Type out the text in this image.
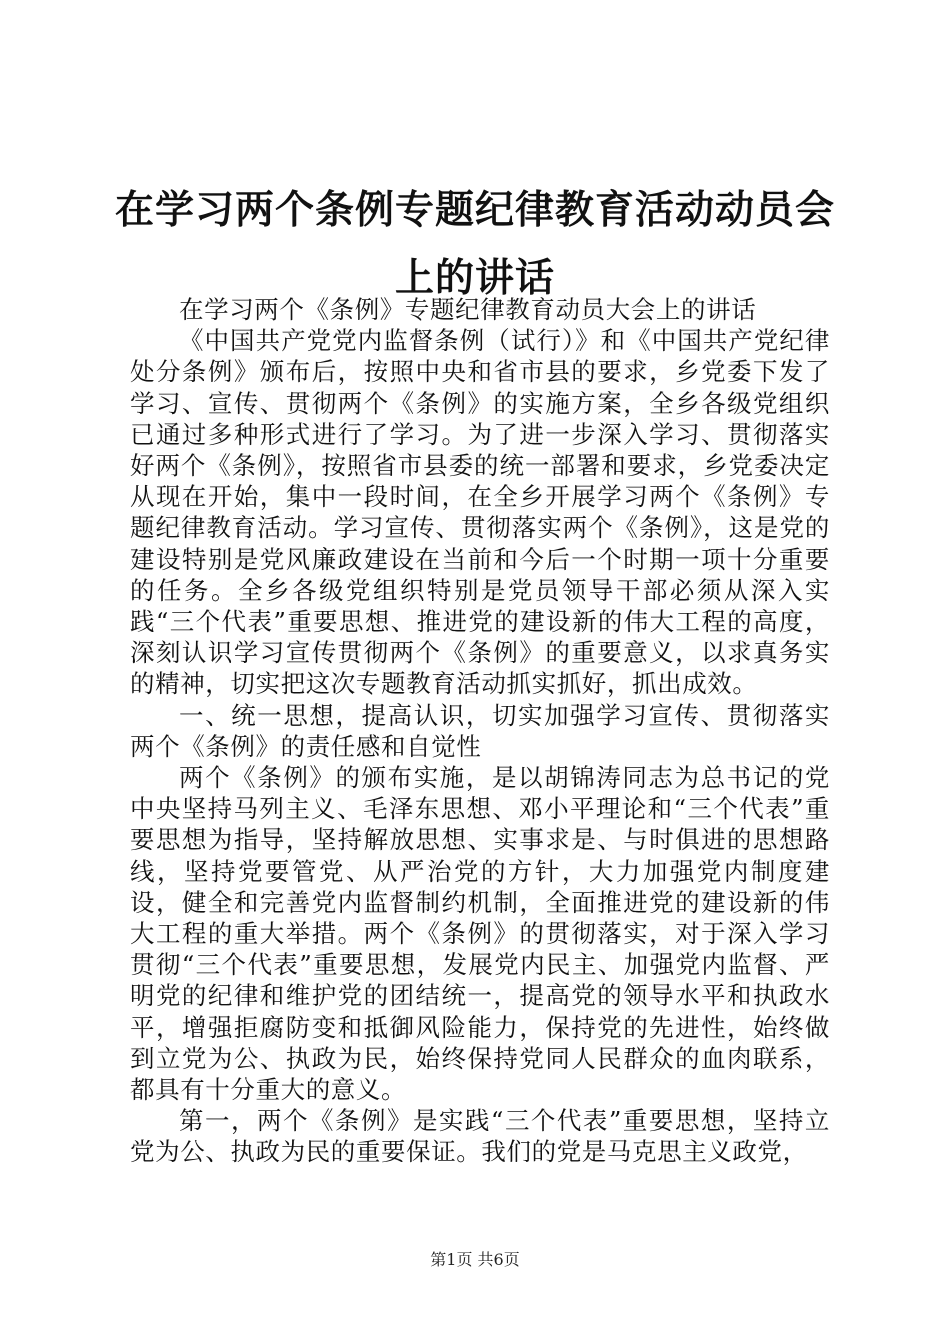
在学习两个条例专题纪律教育活动动员会上的讲话

在学习两个《条例》专题纪律教育动员大会上的讲话

《中国共产党党内监督条例（试行）》和《中国共产党纪律处分条例》颁布后，按照中央和省市县的要求，乡党委下发了学习、宣传、贯彻两个《条例》的实施方案，全乡各级党组织已通过多种形式进行了学习。为了进一步深入学习、贯彻落实好两个《条例》，按照省市县委的统一部署和要求，乡党委决定从现在开始，集中一段时间，在全乡开展学习两个《条例》专题纪律教育活动。学习宣传、贯彻落实两个《条例》，这是党的建设特别是党风廉政建设在当前和今后一个时期一项十分重要的任务。全乡各级党组织特别是党员领导干部必须从深入实践“三个代表”重要思想、推进党的建设新的伟大工程的高度，深刻认识学习宣传贯彻两个《条例》的重要意义，以求真务实的精神，切实把这次专题教育活动抓实抓好，抓出成效。

一、统一思想，提高认识，切实加强学习宣传、贯彻落实两个《条例》的责任感和自觉性

两个《条例》的颁布实施，是以胡锦涛同志为总书记的党中央坚持马列主义、毛泽东思想、邓小平理论和“三个代表”重要思想为指导，坚持解放思想、实事求是、与时俱进的思想路线，坚持党要管党、从严治党的方针，大力加强党内制度建设，健全和完善党内监督制约机制，全面推进党的建设新的伟大工程的重大举措。两个《条例》的贯彻落实，对于深入学习贯彻“三个代表”重要思想，发展党内民主、加强党内监督、严明党的纪律和维护党的团结统一，提高党的领导水平和执政水平，增强拒腐防变和抵御风险能力，保持党的先进性，始终做到立党为公、执政为民，始终保持党同人民群众的血肉联系，都具有十分重大的意义。

第一，两个《条例》是实践“三个代表”重要思想，坚持立党为公、执政为民的重要保证。我们的党是马克思主义政党，

第1页 共6页
